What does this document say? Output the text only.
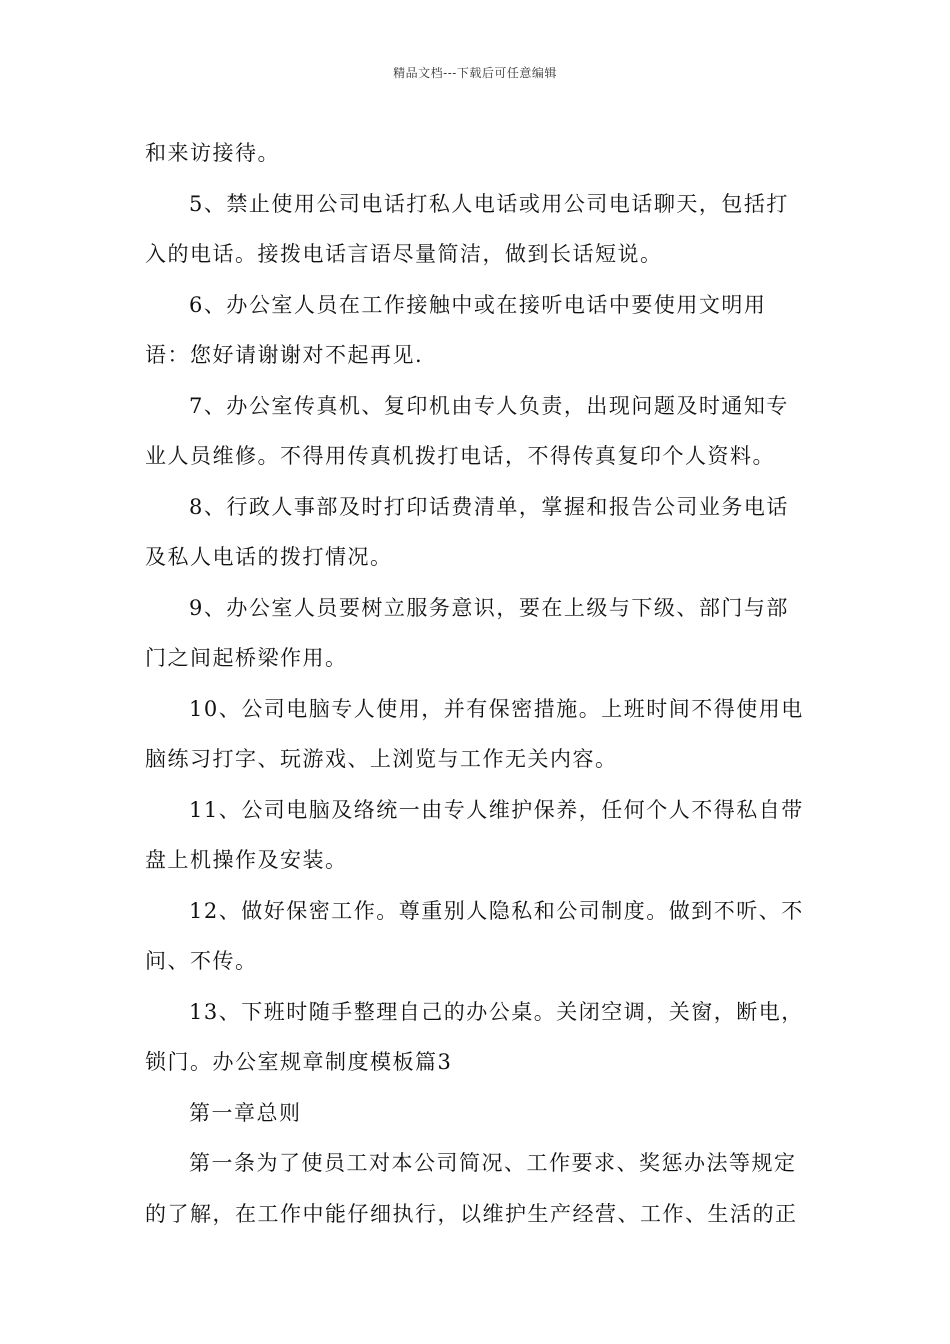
精品文档---下载后可任意编辑

和来访接待。

5、禁止使用公司电话打私人电话或用公司电话聊天，包括打入的电话。接拨电话言语尽量简洁，做到长话短说。

6、办公室人员在工作接触中或在接听电话中要使用文明用语：您好请谢谢对不起再见.

7、办公室传真机、复印机由专人负责，出现问题及时通知专业人员维修。不得用传真机拨打电话，不得传真复印个人资料。

8、行政人事部及时打印话费清单，掌握和报告公司业务电话及私人电话的拨打情况。

9、办公室人员要树立服务意识，要在上级与下级、部门与部门之间起桥梁作用。

10、公司电脑专人使用，并有保密措施。上班时间不得使用电脑练习打字、玩游戏、上浏览与工作无关内容。

11、公司电脑及络统一由专人维护保养，任何个人不得私自带盘上机操作及安装。

12、做好保密工作。尊重别人隐私和公司制度。做到不听、不问、不传。

13、下班时随手整理自己的办公桌。关闭空调，关窗，断电，锁门。办公室规章制度模板篇3

第一章总则

第一条为了使员工对本公司简况、工作要求、奖惩办法等规定的了解，在工作中能仔细执行，以维护生产经营、工作、生活的正
